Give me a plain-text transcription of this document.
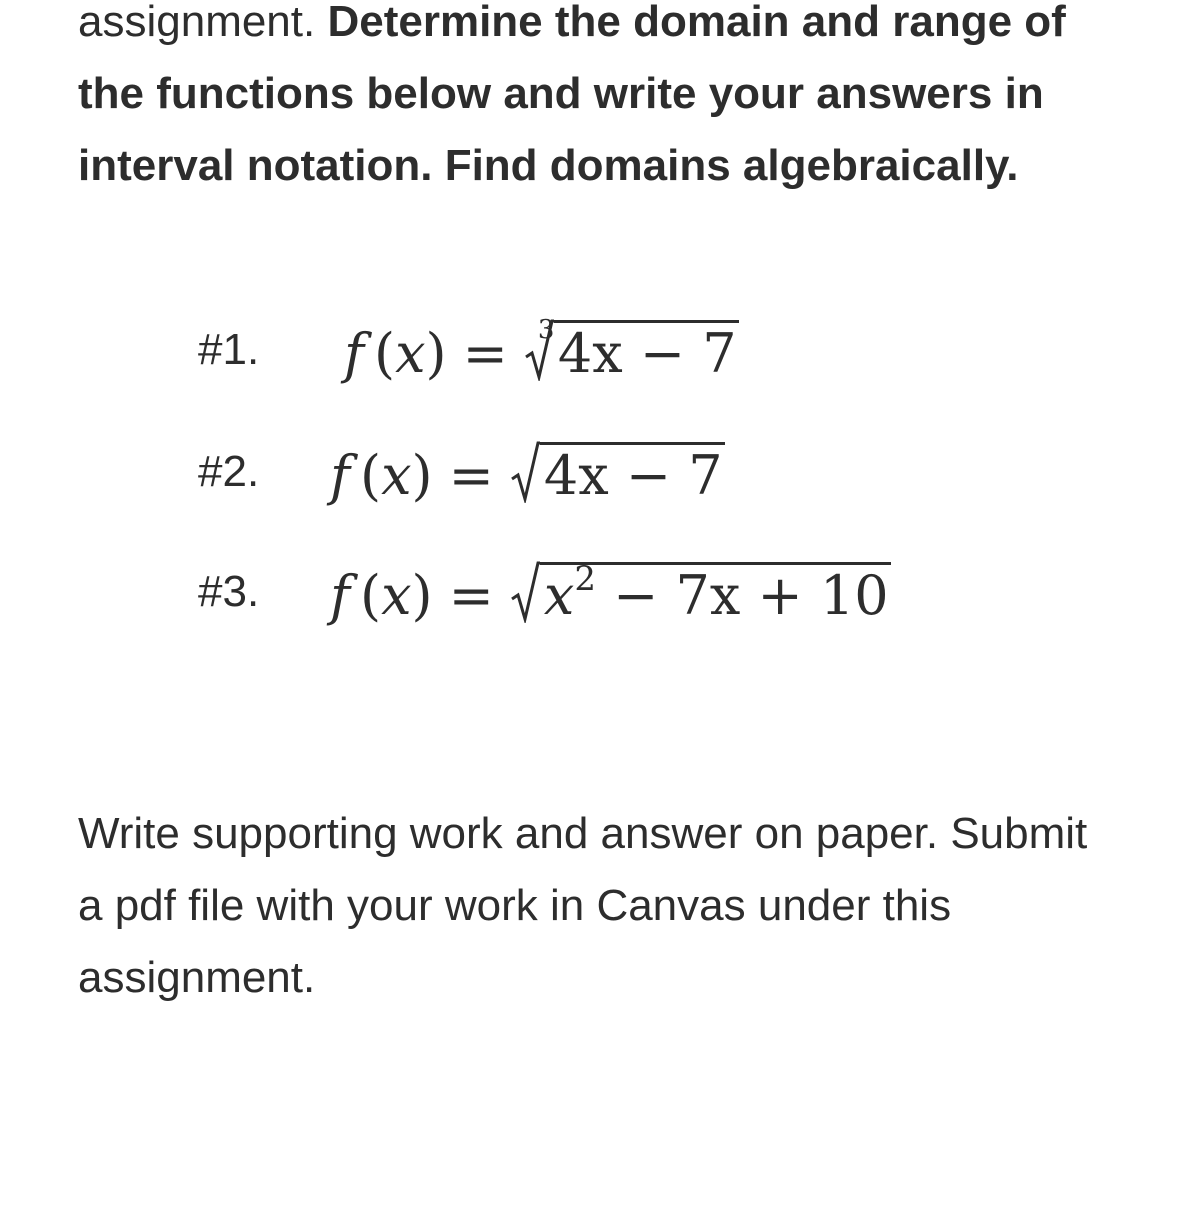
assignment. Determine the domain and range of the functions below and write your answers in interval notation. Find domains algebraically.

#1.	f ( x ) = 3 4x − 7
#2.	f ( x ) = 4x − 7
#3.	f ( x ) = $x^2 - 7x + 10$

Write supporting work and answer on paper. Submit a pdf file with your work in Canvas under this assignment.
